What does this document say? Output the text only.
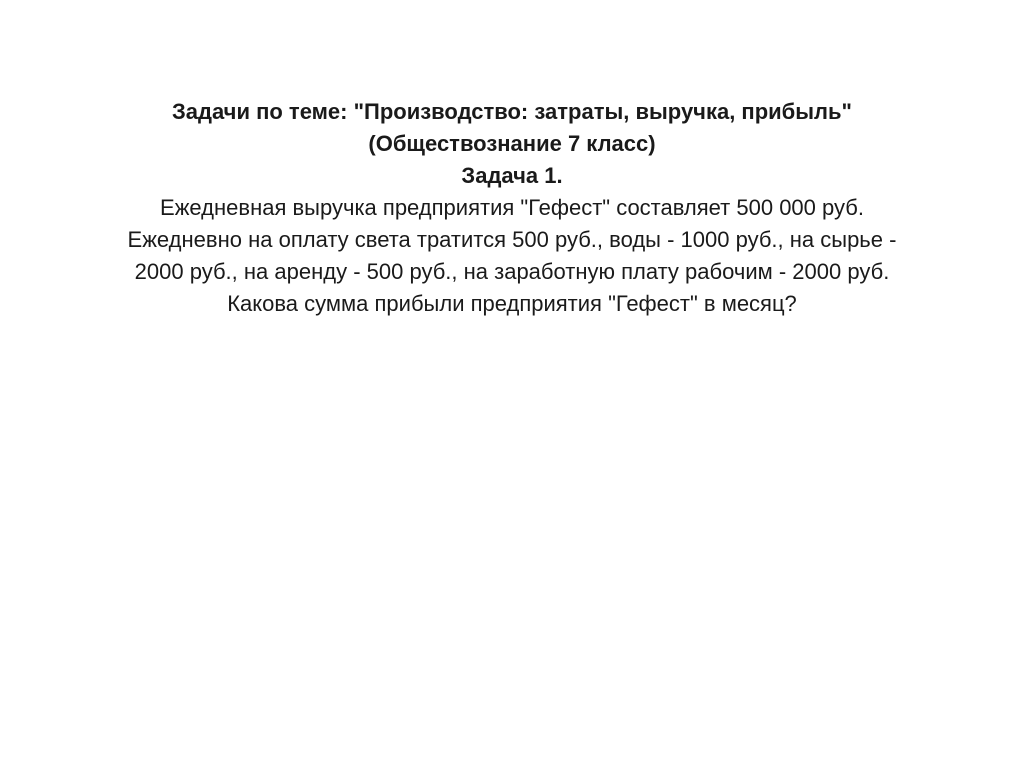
Задачи по теме: "Производство: затраты, выручка, прибыль"
(Обществознание 7 класс)
Задача 1.
Ежедневная выручка предприятия "Гефест" составляет 500 000 руб.
Ежедневно на оплату света тратится 500 руб., воды - 1000 руб., на сырье -
2000 руб., на аренду - 500 руб., на заработную плату рабочим - 2000 руб.
Какова сумма прибыли предприятия "Гефест" в месяц?
